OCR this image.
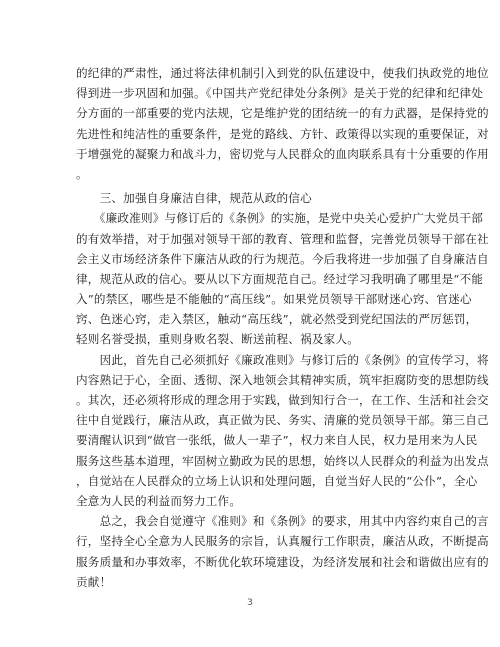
的纪律的严肃性，通过将法律机制引入到党的队伍建设中，使我们执政党的地位
得到进一步巩固和加强。《中国共产党纪律处分条例》是关于党的纪律和纪律处
分方面的一部重要的党内法规，它是维护党的团结统一的有力武器，是保持党的
先进性和纯洁性的重要条件，是党的路线、方针、政策得以实现的重要保证，对
于增强党的凝聚力和战斗力，密切党与人民群众的血肉联系具有十分重要的作用
。
　　三、加强自身廉洁自律，规范从政的信心
　　《廉政准则》与修订后的《条例》的实施，是党中央关心爱护广大党员干部
的有效举措，对于加强对领导干部的教育、管理和监督，完善党员领导干部在社
会主义市场经济条件下廉洁从政的行为规范。今后我将进一步加强了自身廉洁自
律，规范从政的信心。要从以下方面规范自己。经过学习我明确了哪里是“不能
入”的禁区，哪些是不能触的“高压线”。如果党员领导干部财迷心窍、官迷心
窍、色迷心窍，走入禁区，触动“高压线”，就必然受到党纪国法的严厉惩罚，
轻则名誉受损，重则身败名裂、断送前程、祸及家人。
　　因此，首先自己必须抓好《廉政准则》与修订后的《条例》的宣传学习，将
内容熟记于心，全面、透彻、深入地领会其精神实质，筑牢拒腐防变的思想防线
。其次，还必须将形成的理念用于实践，做到知行合一，在工作、生活和社会交
往中自觉践行，廉洁从政，真正做为民、务实、清廉的党员领导干部。第三自己
要清醒认识到“做官一张纸，做人一辈子”，权力来自人民，权力是用来为人民
服务这些基本道理，牢固树立勤政为民的思想，始终以人民群众的利益为出发点
，自觉站在人民群众的立场上认识和处理问题，自觉当好人民的“公仆”，全心
全意为人民的利益而努力工作。
　　总之，我会自觉遵守《准则》和《条例》的要求，用其中内容约束自己的言
行，坚持全心全意为人民服务的宗旨，认真履行工作职责，廉洁从政，不断提高
服务质量和办事效率，不断优化软环境建设，为经济发展和社会和谐做出应有的
贡献！
3
